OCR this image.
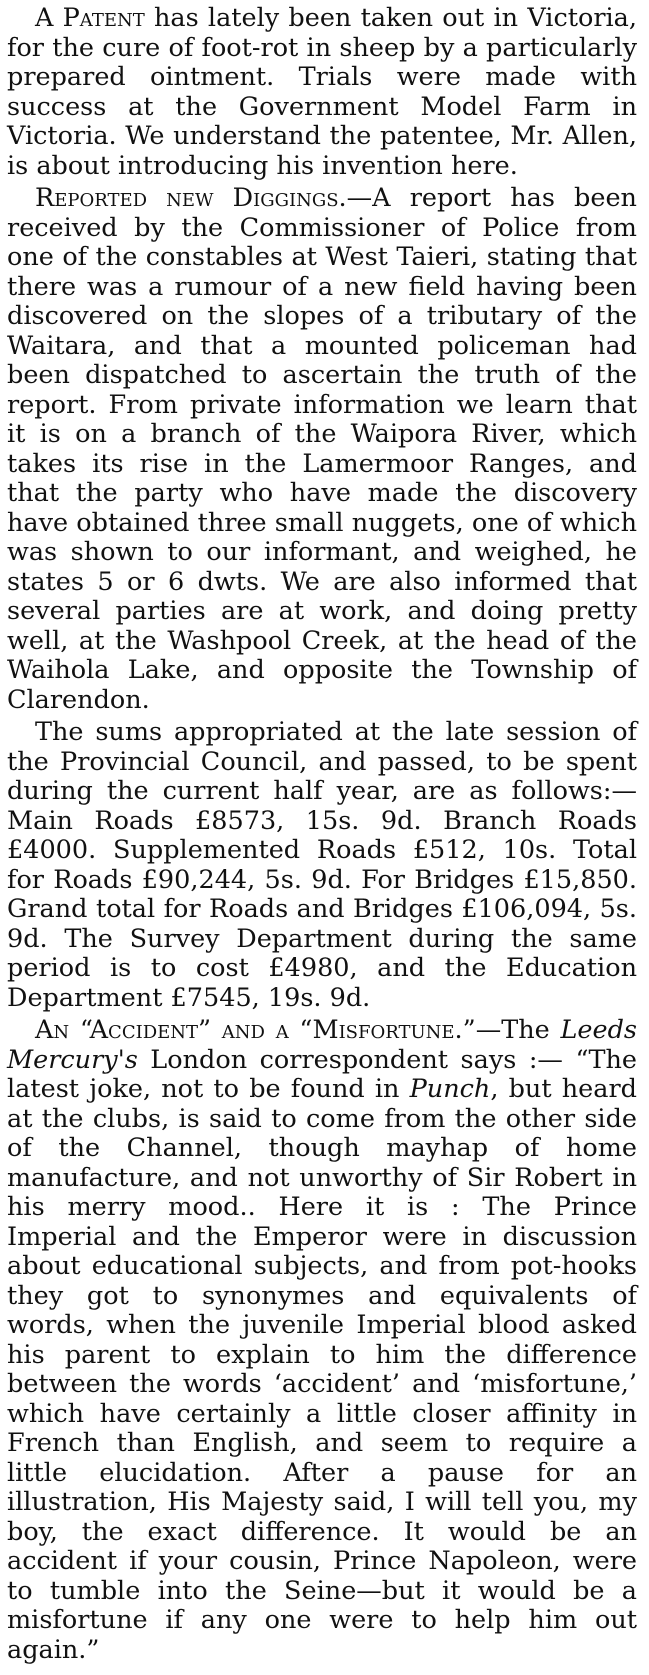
A Patent has lately been taken out in Victoria, for the cure of foot-rot in sheep by a particularly prepared ointment. Trials were made with success at the Government Model Farm in Victoria. We understand the patentee, Mr. Allen, is about introducing his invention here.

Reported new Diggings.—A report has been received by the Commissioner of Police from one of the constables at West Taieri, stating that there was a rumour of a new field having been discovered on the slopes of a tributary of the Waitara, and that a mounted policeman had been dispatched to ascertain the truth of the report. From private information we learn that it is on a branch of the Waipora River, which takes its rise in the Lamermoor Ranges, and that the party who have made the discovery have obtained three small nuggets, one of which was shown to our informant, and weighed, he states 5 or 6 dwts. We are also informed that several parties are at work, and doing pretty well, at the Washpool Creek, at the head of the Waihola Lake, and opposite the Township of Clarendon.

The sums appropriated at the late session of the Provincial Council, and passed, to be spent during the current half year, are as follows:—Main Roads £8573, 15s. 9d. Branch Roads £4000. Supplemented Roads £512, 10s. Total for Roads £90,244, 5s. 9d. For Bridges £15,850. Grand total for Roads and Bridges £106,094, 5s. 9d. The Survey Department during the same period is to cost £4980, and the Education Department £7545, 19s. 9d.

An “Accident” and a “Misfortune.”—The Leeds Mercury's London correspondent says :— “The latest joke, not to be found in Punch, but heard at the clubs, is said to come from the other side of the Channel, though mayhap of home manufacture, and not unworthy of Sir Robert in his merry mood.. Here it is : The Prince Imperial and the Emperor were in discussion about educational subjects, and from pot-hooks they got to synonymes and equivalents of words, when the juvenile Imperial blood asked his parent to explain to him the difference between the words ‘accident’ and ‘misfortune,’ which have certainly a little closer affinity in French than English, and seem to require a little elucidation. After a pause for an illustration, His Majesty said, I will tell you, my boy, the exact difference. It would be an accident if your cousin, Prince Napoleon, were to tumble into the Seine—but it would be a misfortune if any one were to help him out again.”
